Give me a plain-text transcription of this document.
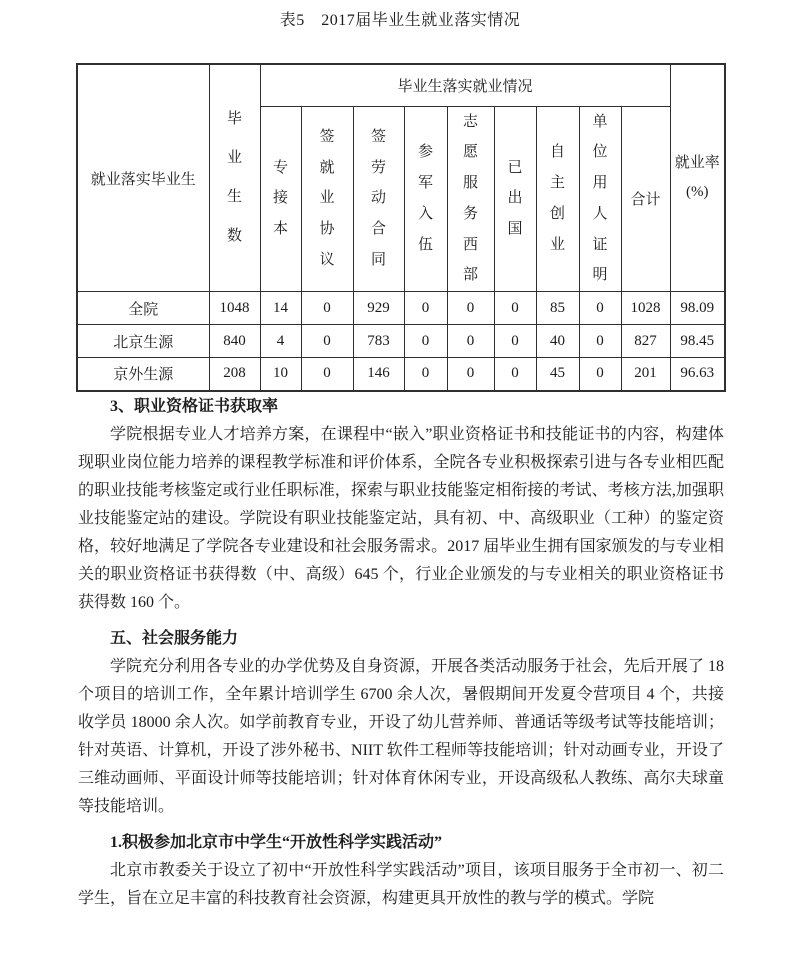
表5　2017届毕业生就业落实情况
就业落实毕业生	毕业生数	毕业生落实就业情况									就业率(%)
		专接本	签就业协议	签劳动合同	参军入伍	志愿服务西部	已出国	自主创业	单位用人证明	合计	
全院	1048	14	0	929	0	0	0	85	0	1028	98.09
北京生源	840	4	0	783	0	0	0	40	0	827	98.45
京外生源	208	10	0	146	0	0	0	45	0	201	96.63

3、职业资格证书获取率

学院根据专业人才培养方案，在课程中“嵌入”职业资格证书和技能证书的内容，构建体现职业岗位能力培养的课程教学标准和评价体系，全院各专业积极探索引进与各专业相匹配的职业技能考核鉴定或行业任职标准，探索与职业技能鉴定相衔接的考试、考核方法,加强职业技能鉴定站的建设。学院设有职业技能鉴定站，具有初、中、高级职业（工种）的鉴定资格，较好地满足了学院各专业建设和社会服务需求。2017 届毕业生拥有国家颁发的与专业相关的职业资格证书获得数（中、高级）645 个，行业企业颁发的与专业相关的职业资格证书获得数 160 个。

五、社会服务能力

学院充分利用各专业的办学优势及自身资源，开展各类活动服务于社会，先后开展了 18 个项目的培训工作，全年累计培训学生 6700 余人次，暑假期间开发夏令营项目 4 个，共接收学员 18000 余人次。如学前教育专业，开设了幼儿营养师、普通话等级考试等技能培训；针对英语、计算机，开设了涉外秘书、NIIT 软件工程师等技能培训；针对动画专业，开设了三维动画师、平面设计师等技能培训；针对体育休闲专业，开设高级私人教练、高尔夫球童等技能培训。

1.积极参加北京市中学生“开放性科学实践活动”

北京市教委关于设立了初中“开放性科学实践活动”项目，该项目服务于全市初一、初二学生，旨在立足丰富的科技教育社会资源，构建更具开放性的教与学的模式。学院
